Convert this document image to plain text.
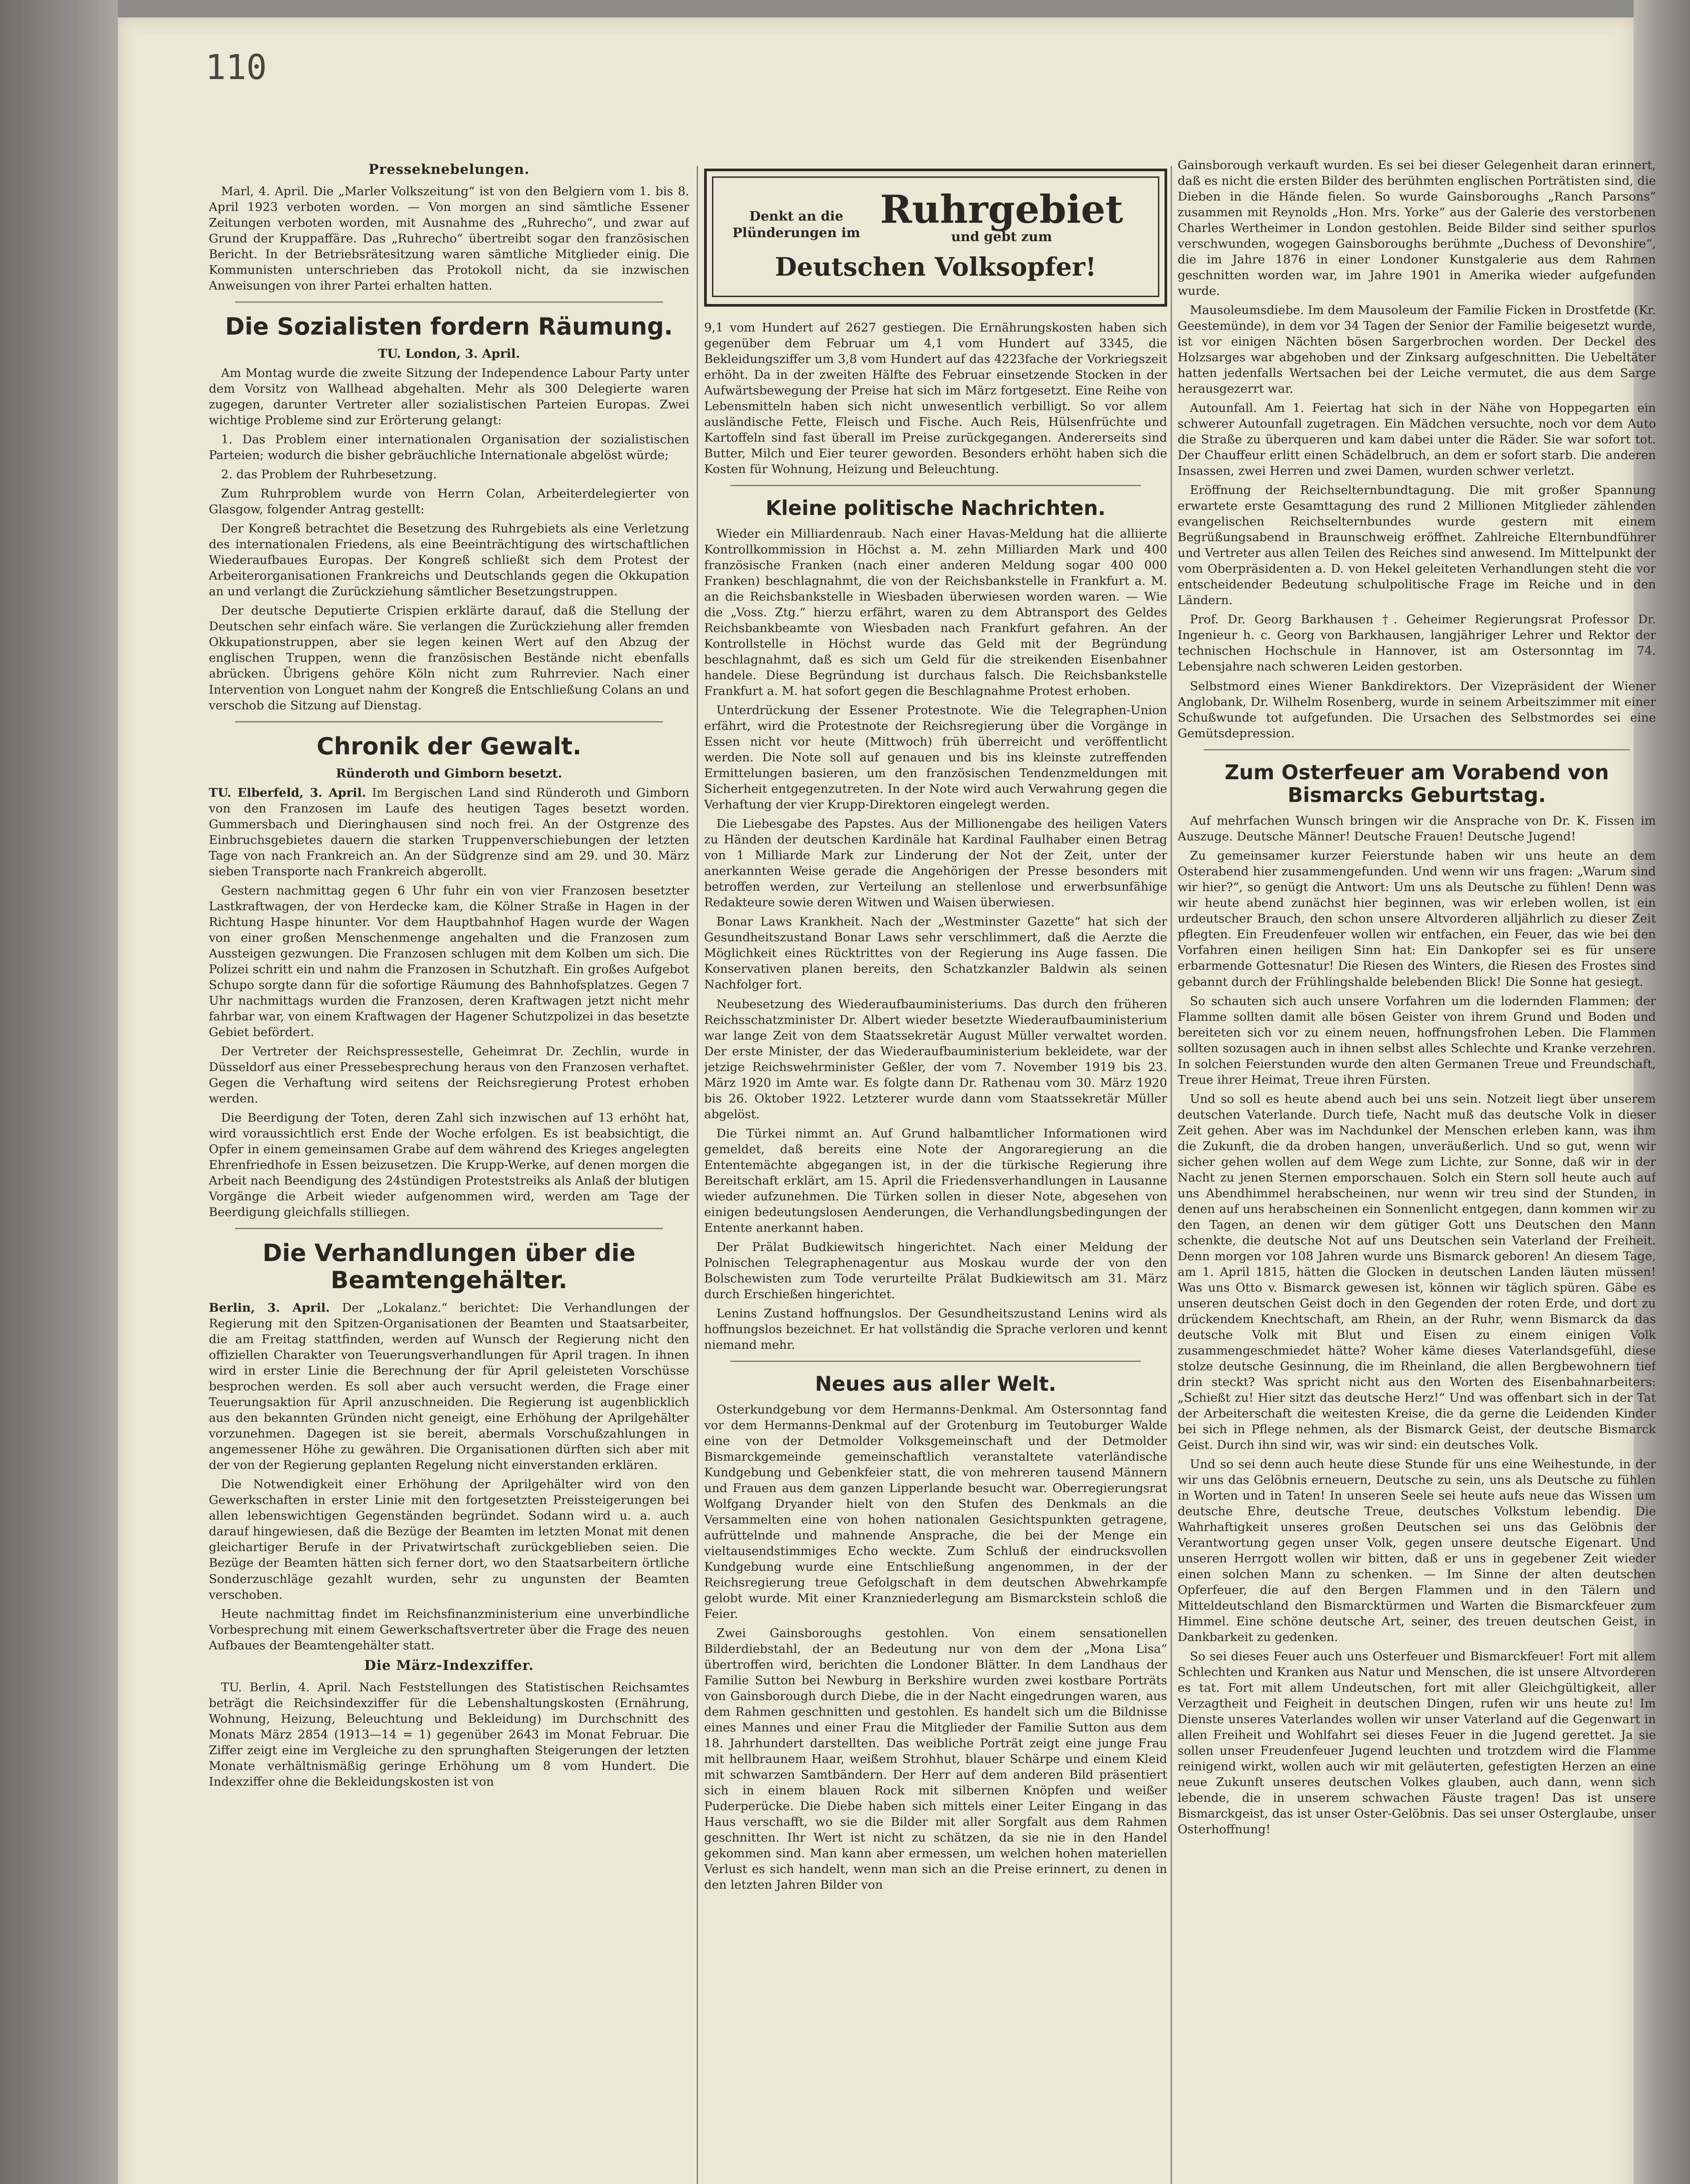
110
Presseknebelungen.

Marl, 4. April. Die „Marler Volkszeitung“ ist von den Belgiern vom 1. bis 8. April 1923 verboten worden. — Von morgen an sind sämtliche Essener Zeitungen verboten worden, mit Ausnahme des „Ruhrecho“, und zwar auf Grund der Kruppaffäre. Das „Ruhrecho“ übertreibt sogar den französischen Bericht. In der Betriebsrätesitzung waren sämtliche Mitglieder einig. Die Kommunisten unterschrieben das Protokoll nicht, da sie inzwischen Anweisungen von ihrer Partei erhalten hatten.

Die Sozialisten fordern Räumung.
TU. London, 3. April.

Am Montag wurde die zweite Sitzung der Independence Labour Party unter dem Vorsitz von Wallhead abgehalten. Mehr als 300 Delegierte waren zugegen, darunter Vertreter aller sozialistischen Parteien Europas. Zwei wichtige Probleme sind zur Erörterung gelangt:

1. Das Problem einer internationalen Organisation der sozialistischen Parteien; wodurch die bisher gebräuchliche Internationale abgelöst würde;

2. das Problem der Ruhrbesetzung.

Zum Ruhrproblem wurde von Herrn Colan, Arbeiterdelegierter von Glasgow, folgender Antrag gestellt:

Der Kongreß betrachtet die Besetzung des Ruhrgebiets als eine Verletzung des internationalen Friedens, als eine Beeinträchtigung des wirtschaftlichen Wiederaufbaues Europas. Der Kongreß schließt sich dem Protest der Arbeiterorganisationen Frankreichs und Deutschlands gegen die Okkupation an und verlangt die Zurückziehung sämtlicher Besetzungstruppen.

Der deutsche Deputierte Crispien erklärte darauf, daß die Stellung der Deutschen sehr einfach wäre. Sie verlangen die Zurückziehung aller fremden Okkupationstruppen, aber sie legen keinen Wert auf den Abzug der englischen Truppen, wenn die französischen Bestände nicht ebenfalls abrücken. Übrigens gehöre Köln nicht zum Ruhrrevier. Nach einer Intervention von Longuet nahm der Kongreß die Entschließung Colans an und verschob die Sitzung auf Dienstag.

Chronik der Gewalt.
Ründeroth und Gimborn besetzt.

TU. Elberfeld, 3. April. Im Bergischen Land sind Ründeroth und Gimborn von den Franzosen im Laufe des heutigen Tages besetzt worden. Gummersbach und Dieringhausen sind noch frei. An der Ostgrenze des Einbruchsgebietes dauern die starken Truppenverschiebungen der letzten Tage von nach Frankreich an. An der Südgrenze sind am 29. und 30. März sieben Transporte nach Frankreich abgerollt.

Gestern nachmittag gegen 6 Uhr fuhr ein von vier Franzosen besetzter Lastkraftwagen, der von Herdecke kam, die Kölner Straße in Hagen in der Richtung Haspe hinunter. Vor dem Hauptbahnhof Hagen wurde der Wagen von einer großen Menschenmenge angehalten und die Franzosen zum Aussteigen gezwungen. Die Franzosen schlugen mit dem Kolben um sich. Die Polizei schritt ein und nahm die Franzosen in Schutzhaft. Ein großes Aufgebot Schupo sorgte dann für die sofortige Räumung des Bahnhofsplatzes. Gegen 7 Uhr nachmittags wurden die Franzosen, deren Kraftwagen jetzt nicht mehr fahrbar war, von einem Kraftwagen der Hagener Schutzpolizei in das besetzte Gebiet befördert.

Der Vertreter der Reichspressestelle, Geheimrat Dr. Zechlin, wurde in Düsseldorf aus einer Pressebesprechung heraus von den Franzosen verhaftet. Gegen die Verhaftung wird seitens der Reichsregierung Protest erhoben werden.

Die Beerdigung der Toten, deren Zahl sich inzwischen auf 13 erhöht hat, wird voraussichtlich erst Ende der Woche erfolgen. Es ist beabsichtigt, die Opfer in einem gemeinsamen Grabe auf dem während des Krieges angelegten Ehrenfriedhofe in Essen beizusetzen. Die Krupp-Werke, auf denen morgen die Arbeit nach Beendigung des 24stündigen Proteststreiks als Anlaß der blutigen Vorgänge die Arbeit wieder aufgenommen wird, werden am Tage der Beerdigung gleichfalls stilliegen.

Die Verhandlungen über die Beamtengehälter.

Berlin, 3. April. Der „Lokalanz.“ berichtet: Die Verhandlungen der Regierung mit den Spitzen-Organisationen der Beamten und Staatsarbeiter, die am Freitag stattfinden, werden auf Wunsch der Regierung nicht den offiziellen Charakter von Teuerungsverhandlungen für April tragen. In ihnen wird in erster Linie die Berechnung der für April geleisteten Vorschüsse besprochen werden. Es soll aber auch versucht werden, die Frage einer Teuerungsaktion für April anzuschneiden. Die Regierung ist augenblicklich aus den bekannten Gründen nicht geneigt, eine Erhöhung der Aprilgehälter vorzunehmen. Dagegen ist sie bereit, abermals Vorschußzahlungen in angemessener Höhe zu gewähren. Die Organisationen dürften sich aber mit der von der Regierung geplanten Regelung nicht einverstanden erklären.

Die Notwendigkeit einer Erhöhung der Aprilgehälter wird von den Gewerkschaften in erster Linie mit den fortgesetzten Preissteigerungen bei allen lebenswichtigen Gegenständen begründet. Sodann wird u. a. auch darauf hingewiesen, daß die Bezüge der Beamten im letzten Monat mit denen gleichartiger Berufe in der Privatwirtschaft zurückgeblieben seien. Die Bezüge der Beamten hätten sich ferner dort, wo den Staatsarbeitern örtliche Sonderzuschläge gezahlt wurden, sehr zu ungunsten der Beamten verschoben.

Heute nachmittag findet im Reichsfinanzministerium eine unverbindliche Vorbesprechung mit einem Gewerkschaftsvertreter über die Frage des neuen Aufbaues der Beamtengehälter statt.

Die März-Indexziffer.

TU. Berlin, 4. April. Nach Feststellungen des Statistischen Reichsamtes beträgt die Reichsindexziffer für die Lebenshaltungskosten (Ernährung, Wohnung, Heizung, Beleuchtung und Bekleidung) im Durchschnitt des Monats März 2854 (1913—14 = 1) gegenüber 2643 im Monat Februar. Die Ziffer zeigt eine im Vergleiche zu den sprunghaften Steigerungen der letzten Monate verhältnismäßig geringe Erhöhung um 8 vom Hundert. Die Indexziffer ohne die Bekleidungskosten ist von

Denkt an die Plünderungen im
Ruhrgebiet
und gebt zum
Deutschen Volksopfer!

9,1 vom Hundert auf 2627 gestiegen. Die Ernährungskosten haben sich gegenüber dem Februar um 4,1 vom Hundert auf 3345, die Bekleidungsziffer um 3,8 vom Hundert auf das 4223fache der Vorkriegszeit erhöht. Da in der zweiten Hälfte des Februar einsetzende Stocken in der Aufwärtsbewegung der Preise hat sich im März fortgesetzt. Eine Reihe von Lebensmitteln haben sich nicht unwesentlich verbilligt. So vor allem ausländische Fette, Fleisch und Fische. Auch Reis, Hülsenfrüchte und Kartoffeln sind fast überall im Preise zurückgegangen. Andererseits sind Butter, Milch und Eier teurer geworden. Besonders erhöht haben sich die Kosten für Wohnung, Heizung und Beleuchtung.

Kleine politische Nachrichten.

Wieder ein Milliardenraub. Nach einer Havas-Meldung hat die alliierte Kontrollkommission in Höchst a. M. zehn Milliarden Mark und 400 französische Franken (nach einer anderen Meldung sogar 400 000 Franken) beschlagnahmt, die von der Reichsbankstelle in Frankfurt a. M. an die Reichsbankstelle in Wiesbaden überwiesen worden waren. — Wie die „Voss. Ztg.“ hierzu erfährt, waren zu dem Abtransport des Geldes Reichsbankbeamte von Wiesbaden nach Frankfurt gefahren. An der Kontrollstelle in Höchst wurde das Geld mit der Begründung beschlagnahmt, daß es sich um Geld für die streikenden Eisenbahner handele. Diese Begründung ist durchaus falsch. Die Reichsbankstelle Frankfurt a. M. hat sofort gegen die Beschlagnahme Protest erhoben.

Unterdrückung der Essener Protestnote. Wie die Telegraphen-Union erfährt, wird die Protestnote der Reichsregierung über die Vorgänge in Essen nicht vor heute (Mittwoch) früh überreicht und veröffentlicht werden. Die Note soll auf genauen und bis ins kleinste zutreffenden Ermittelungen basieren, um den französischen Tendenzmeldungen mit Sicherheit entgegenzutreten. In der Note wird auch Verwahrung gegen die Verhaftung der vier Krupp-Direktoren eingelegt werden.

Die Liebesgabe des Papstes. Aus der Millionengabe des heiligen Vaters zu Händen der deutschen Kardinäle hat Kardinal Faulhaber einen Betrag von 1 Milliarde Mark zur Linderung der Not der Zeit, unter der anerkannten Weise gerade die Angehörigen der Presse besonders mit betroffen werden, zur Verteilung an stellenlose und erwerbsunfähige Redakteure sowie deren Witwen und Waisen überwiesen.

Bonar Laws Krankheit. Nach der „Westminster Gazette“ hat sich der Gesundheitszustand Bonar Laws sehr verschlimmert, daß die Aerzte die Möglichkeit eines Rücktrittes von der Regierung ins Auge fassen. Die Konservativen planen bereits, den Schatzkanzler Baldwin als seinen Nachfolger fort.

Neubesetzung des Wiederaufbauministeriums. Das durch den früheren Reichsschatzminister Dr. Albert wieder besetzte Wiederaufbauministerium war lange Zeit von dem Staatssekretär August Müller verwaltet worden. Der erste Minister, der das Wiederaufbauministerium bekleidete, war der jetzige Reichswehrminister Geßler, der vom 7. November 1919 bis 23. März 1920 im Amte war. Es folgte dann Dr. Rathenau vom 30. März 1920 bis 26. Oktober 1922. Letzterer wurde dann vom Staatssekretär Müller abgelöst.

Die Türkei nimmt an. Auf Grund halbamtlicher Informationen wird gemeldet, daß bereits eine Note der Angoraregierung an die Ententemächte abgegangen ist, in der die türkische Regierung ihre Bereitschaft erklärt, am 15. April die Friedensverhandlungen in Lausanne wieder aufzunehmen. Die Türken sollen in dieser Note, abgesehen von einigen bedeutungslosen Aenderungen, die Verhandlungsbedingungen der Entente anerkannt haben.

Der Prälat Budkiewitsch hingerichtet. Nach einer Meldung der Polnischen Telegraphenagentur aus Moskau wurde der von den Bolschewisten zum Tode verurteilte Prälat Budkiewitsch am 31. März durch Erschießen hingerichtet.

Lenins Zustand hoffnungslos. Der Gesundheitszustand Lenins wird als hoffnungslos bezeichnet. Er hat vollständig die Sprache verloren und kennt niemand mehr.

Neues aus aller Welt.

Osterkundgebung vor dem Hermanns-Denkmal. Am Ostersonntag fand vor dem Hermanns-Denkmal auf der Grotenburg im Teutoburger Walde eine von der Detmolder Volksgemeinschaft und der Detmolder Bismarckgemeinde gemeinschaftlich veranstaltete vaterländische Kundgebung und Gebenkfeier statt, die von mehreren tausend Männern und Frauen aus dem ganzen Lipperlande besucht war. Oberregierungsrat Wolfgang Dryander hielt von den Stufen des Denkmals an die Versammelten eine von hohen nationalen Gesichtspunkten getragene, aufrüttelnde und mahnende Ansprache, die bei der Menge ein vieltausendstimmiges Echo weckte. Zum Schluß der eindrucksvollen Kundgebung wurde eine Entschließung angenommen, in der der Reichsregierung treue Gefolgschaft in dem deutschen Abwehrkampfe gelobt wurde. Mit einer Kranzniederlegung am Bismarckstein schloß die Feier.

Zwei Gainsboroughs gestohlen. Von einem sensationellen Bilderdiebstahl, der an Bedeutung nur von dem der „Mona Lisa“ übertroffen wird, berichten die Londoner Blätter. In dem Landhaus der Familie Sutton bei Newburg in Berkshire wurden zwei kostbare Porträts von Gainsborough durch Diebe, die in der Nacht eingedrungen waren, aus dem Rahmen geschnitten und gestohlen. Es handelt sich um die Bildnisse eines Mannes und einer Frau die Mitglieder der Familie Sutton aus dem 18. Jahrhundert darstellten. Das weibliche Porträt zeigt eine junge Frau mit hellbraunem Haar, weißem Strohhut, blauer Schärpe und einem Kleid mit schwarzen Samtbändern. Der Herr auf dem anderen Bild präsentiert sich in einem blauen Rock mit silbernen Knöpfen und weißer Puderperücke. Die Diebe haben sich mittels einer Leiter Eingang in das Haus verschafft, wo sie die Bilder mit aller Sorgfalt aus dem Rahmen geschnitten. Ihr Wert ist nicht zu schätzen, da sie nie in den Handel gekommen sind. Man kann aber ermessen, um welchen hohen materiellen Verlust es sich handelt, wenn man sich an die Preise erinnert, zu denen in den letzten Jahren Bilder von

Gainsborough verkauft wurden. Es sei bei dieser Gelegenheit daran erinnert, daß es nicht die ersten Bilder des berühmten englischen Porträtisten sind, die Dieben in die Hände fielen. So wurde Gainsboroughs „Ranch Parsons“ zusammen mit Reynolds „Hon. Mrs. Yorke“ aus der Galerie des verstorbenen Charles Wertheimer in London gestohlen. Beide Bilder sind seither spurlos verschwunden, wogegen Gainsboroughs berühmte „Duchess of Devonshire“, die im Jahre 1876 in einer Londoner Kunstgalerie aus dem Rahmen geschnitten worden war, im Jahre 1901 in Amerika wieder aufgefunden wurde.

Mausoleumsdiebe. Im dem Mausoleum der Familie Ficken in Drostfetde (Kr. Geestemünde), in dem vor 34 Tagen der Senior der Familie beigesetzt wurde, ist vor einigen Nächten bösen Sargerbrochen worden. Der Deckel des Holzsarges war abgehoben und der Zinksarg aufgeschnitten. Die Uebeltäter hatten jedenfalls Wertsachen bei der Leiche vermutet, die aus dem Sarge herausgezerrt war.

Autounfall. Am 1. Feiertag hat sich in der Nähe von Hoppegarten ein schwerer Autounfall zugetragen. Ein Mädchen versuchte, noch vor dem Auto die Straße zu überqueren und kam dabei unter die Räder. Sie war sofort tot. Der Chauffeur erlitt einen Schädelbruch, an dem er sofort starb. Die anderen Insassen, zwei Herren und zwei Damen, wurden schwer verletzt.

Eröffnung der Reichselternbundtagung. Die mit großer Spannung erwartete erste Gesamttagung des rund 2 Millionen Mitglieder zählenden evangelischen Reichselternbundes wurde gestern mit einem Begrüßungsabend in Braunschweig eröffnet. Zahlreiche Elternbundführer und Vertreter aus allen Teilen des Reiches sind anwesend. Im Mittelpunkt der vom Oberpräsidenten a. D. von Hekel geleiteten Verhandlungen steht die vor entscheidender Bedeutung schulpolitische Frage im Reiche und in den Ländern.

Prof. Dr. Georg Barkhausen †. Geheimer Regierungsrat Professor Dr. Ingenieur h. c. Georg von Barkhausen, langjähriger Lehrer und Rektor der technischen Hochschule in Hannover, ist am Ostersonntag im 74. Lebensjahre nach schweren Leiden gestorben.

Selbstmord eines Wiener Bankdirektors. Der Vizepräsident der Wiener Anglobank, Dr. Wilhelm Rosenberg, wurde in seinem Arbeitszimmer mit einer Schußwunde tot aufgefunden. Die Ursachen des Selbstmordes sei eine Gemütsdepression.

Zum Osterfeuer am Vorabend von Bismarcks Geburtstag.

Auf mehrfachen Wunsch bringen wir die Ansprache von Dr. K. Fissen im Auszuge. Deutsche Männer! Deutsche Frauen! Deutsche Jugend!

Zu gemeinsamer kurzer Feierstunde haben wir uns heute an dem Osterabend hier zusammengefunden. Und wenn wir uns fragen: „Warum sind wir hier?“, so genügt die Antwort: Um uns als Deutsche zu fühlen! Denn was wir heute abend zunächst hier beginnen, was wir erleben wollen, ist ein urdeutscher Brauch, den schon unsere Altvorderen alljährlich zu dieser Zeit pflegten. Ein Freudenfeuer wollen wir entfachen, ein Feuer, das wie bei den Vorfahren einen heiligen Sinn hat: Ein Dankopfer sei es für unsere erbarmende Gottesnatur! Die Riesen des Winters, die Riesen des Frostes sind gebannt durch der Frühlingshalde belebenden Blick! Die Sonne hat gesiegt.

So schauten sich auch unsere Vorfahren um die lodernden Flammen; der Flamme sollten damit alle bösen Geister von ihrem Grund und Boden und bereiteten sich vor zu einem neuen, hoffnungsfrohen Leben. Die Flammen sollten sozusagen auch in ihnen selbst alles Schlechte und Kranke verzehren. In solchen Feierstunden wurde den alten Germanen Treue und Freundschaft, Treue ihrer Heimat, Treue ihren Fürsten.

Und so soll es heute abend auch bei uns sein. Notzeit liegt über unserem deutschen Vaterlande. Durch tiefe, Nacht muß das deutsche Volk in dieser Zeit gehen. Aber was im Nachdunkel der Menschen erleben kann, was ihm die Zukunft, die da droben hangen, unveräußerlich. Und so gut, wenn wir sicher gehen wollen auf dem Wege zum Lichte, zur Sonne, daß wir in der Nacht zu jenen Sternen emporschauen. Solch ein Stern soll heute auch auf uns Abendhimmel herabscheinen, nur wenn wir treu sind der Stunden, in denen auf uns herabscheinen ein Sonnenlicht entgegen, dann kommen wir zu den Tagen, an denen wir dem gütiger Gott uns Deutschen den Mann schenkte, die deutsche Not auf uns Deutschen sein Vaterland der Freiheit. Denn morgen vor 108 Jahren wurde uns Bismarck geboren! An diesem Tage, am 1. April 1815, hätten die Glocken in deutschen Landen läuten müssen! Was uns Otto v. Bismarck gewesen ist, können wir täglich spüren. Gäbe es unseren deutschen Geist doch in den Gegenden der roten Erde, und dort zu drückendem Knechtschaft, am Rhein, an der Ruhr, wenn Bismarck da das deutsche Volk mit Blut und Eisen zu einem einigen Volk zusammengeschmiedet hätte? Woher käme dieses Vaterlandsgefühl, diese stolze deutsche Gesinnung, die im Rheinland, die allen Bergbewohnern tief drin steckt? Was spricht nicht aus den Worten des Eisenbahnarbeiters: „Schießt zu! Hier sitzt das deutsche Herz!“ Und was offenbart sich in der Tat der Arbeiterschaft die weitesten Kreise, die da gerne die Leidenden Kinder bei sich in Pflege nehmen, als der Bismarck Geist, der deutsche Bismarck Geist. Durch ihn sind wir, was wir sind: ein deutsches Volk.

Und so sei denn auch heute diese Stunde für uns eine Weihestunde, in der wir uns das Gelöbnis erneuern, Deutsche zu sein, uns als Deutsche zu fühlen in Worten und in Taten! In unseren Seele sei heute aufs neue das Wissen um deutsche Ehre, deutsche Treue, deutsches Volkstum lebendig. Die Wahrhaftigkeit unseres großen Deutschen sei uns das Gelöbnis der Verantwortung gegen unser Volk, gegen unsere deutsche Eigenart. Und unseren Herrgott wollen wir bitten, daß er uns in gegebener Zeit wieder einen solchen Mann zu schenken. — Im Sinne der alten deutschen Opferfeuer, die auf den Bergen Flammen und in den Tälern und Mitteldeutschland den Bismarcktürmen und Warten die Bismarckfeuer zum Himmel. Eine schöne deutsche Art, seiner, des treuen deutschen Geist, in Dankbarkeit zu gedenken.

So sei dieses Feuer auch uns Osterfeuer und Bismarckfeuer! Fort mit allem Schlechten und Kranken aus Natur und Menschen, die ist unsere Altvorderen es tat. Fort mit allem Undeutschen, fort mit aller Gleichgültigkeit, aller Verzagtheit und Feigheit in deutschen Dingen, rufen wir uns heute zu! Im Dienste unseres Vaterlandes wollen wir unser Vaterland auf die Gegenwart in allen Freiheit und Wohlfahrt sei dieses Feuer in die Jugend gerettet. Ja sie sollen unser Freudenfeuer Jugend leuchten und trotzdem wird die Flamme reinigend wirkt, wollen auch wir mit geläuterten, gefestigten Herzen an eine neue Zukunft unseres deutschen Volkes glauben, auch dann, wenn sich lebende, die in unserem schwachen Fäuste tragen! Das ist unsere Bismarckgeist, das ist unser Oster-Gelöbnis. Das sei unser Osterglaube, unser Osterhoffnung!
